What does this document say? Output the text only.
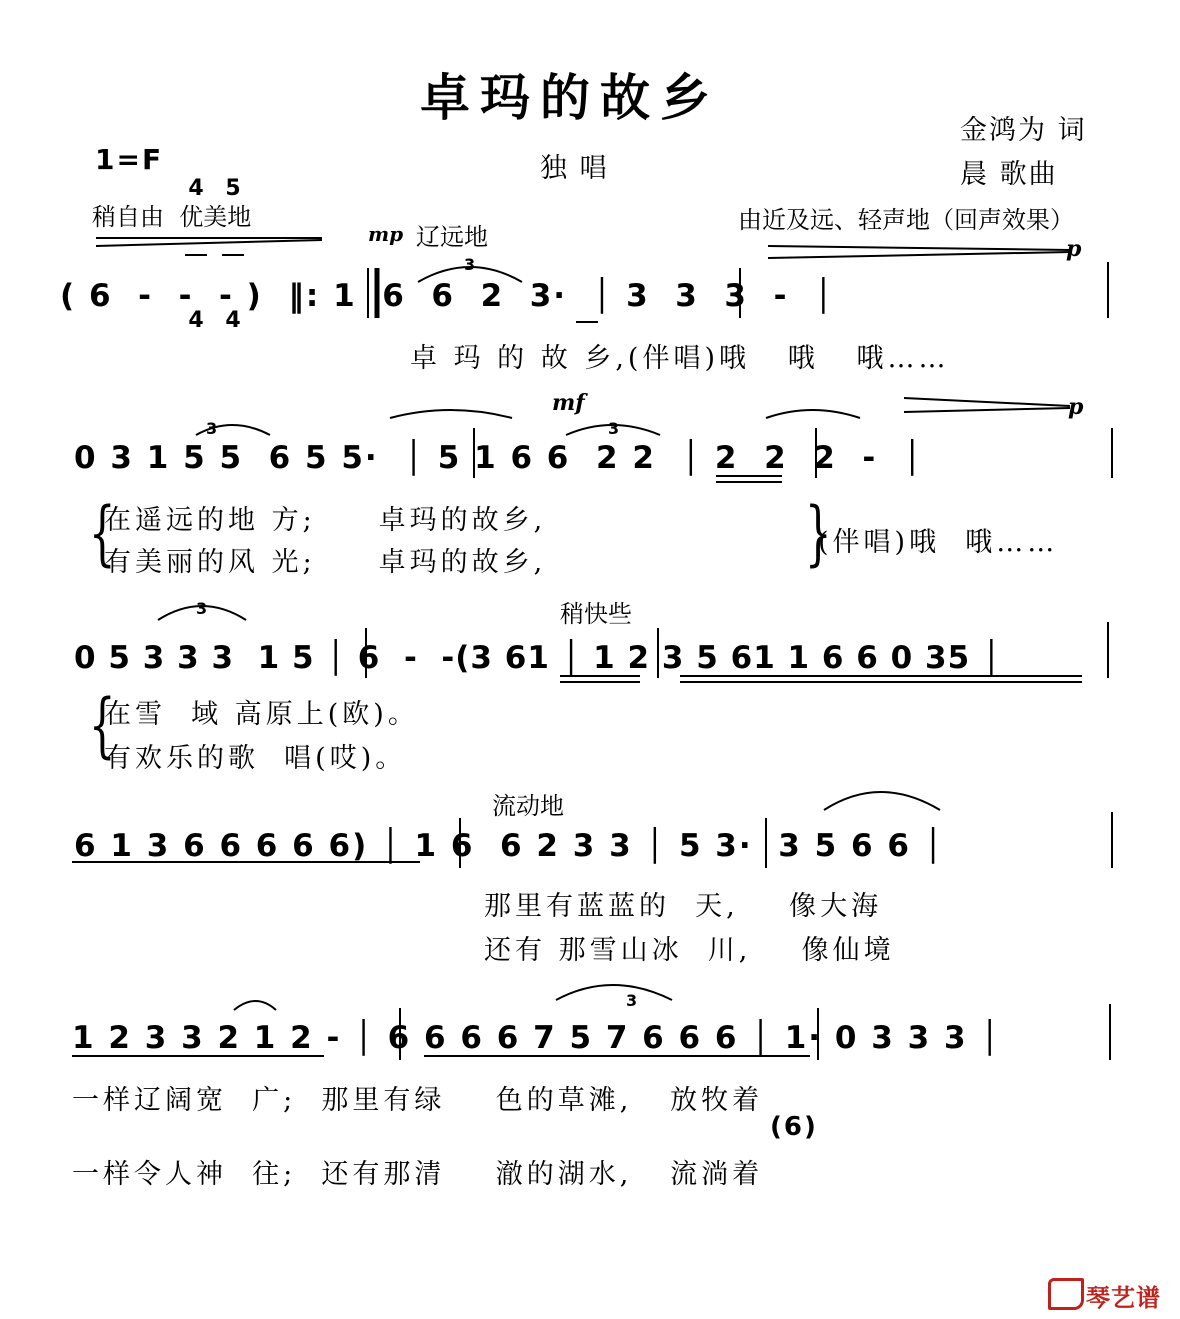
卓玛的故乡
1=F

4

4

5

4

独 唱
金鸿为 词
晨 歌曲
稍自由  优美地
mp 辽远地
由近及远、轻声地（回声效果）
p
( 6  -  -  - )  ‖: 1  6  6  2  3·  │ 3  3  3  -  │
卓 玛 的 故 乡,(伴唱)哦   哦   哦……
mf	p
0 3 1 5 5  6 5 5·  │ 5 1 6 6  2 2  │ 2  2  2  -  │
{
在遥远的地 方;     卓玛的故乡,
有美丽的风 光;     卓玛的故乡,	}
(伴唱)哦  哦……
稍快些
0 5 3 3 3  1 5 │ 6  -  -(3 61 │ 1 2 3 5 61 1 6 6 0 35 │
{
在雪  域 高原上(欧)。
有欢乐的歌  唱(哎)。
流动地
6 1 3 6 6 6 6 6) │ 1 6  6 2 3 3 │ 5 3·  3 5 6 6 │
那里有蓝蓝的  天,    像大海
还有 那雪山冰  川,    像仙境
1 2 3 3 2 1 2 - │ 6 6 6 6 7 5 7 6 6 6 │ 1· 0 3 3 3 │
一样辽阔宽  广;  那里有绿    色的草滩,   放牧着
(6)
一样令人神  往;  还有那清    澈的湖水,   流淌着
琴艺谱
3
3	3
3
3
